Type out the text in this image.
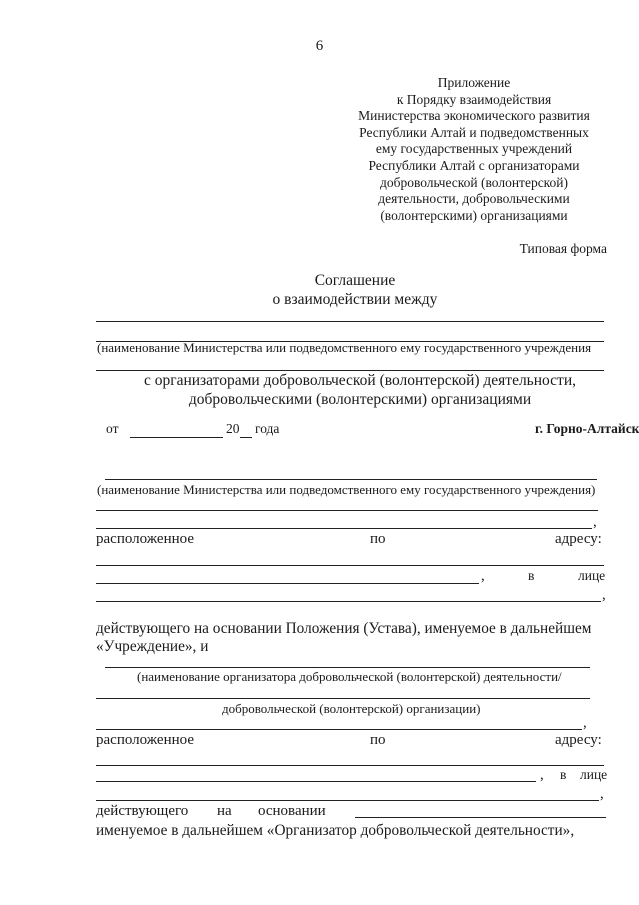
6
Приложение
к Порядку взаимодействия
Министерства экономического развития
Республики Алтай и подведомственных
ему государственных учреждений
Республики Алтай с организаторами
добровольческой (волонтерской)
деятельности, добровольческими
(волонтерскими) организациями
Типовая форма
Соглашение
о взаимодействии между
(наименование Министерства или подведомственного ему государственного учреждения
с организаторами добровольческой (волонтерской) деятельности,
добровольческими (волонтерскими) организациями
от	20 года	г. Горно-Алтайск
(наименование Министерства или подведомственного ему государственного учреждения)
,
расположенное	по	адресу:
,	в	лице
,
действующего на основании Положения (Устава), именуемое в дальнейшем
«Учреждение», и
(наименование организатора добровольческой (волонтерской) деятельности/
добровольческой (волонтерской) организации)
,
расположенное	по	адресу:
, в лице
,
действующего на основании
именуемое в дальнейшем «Организатор добровольческой деятельности»,
